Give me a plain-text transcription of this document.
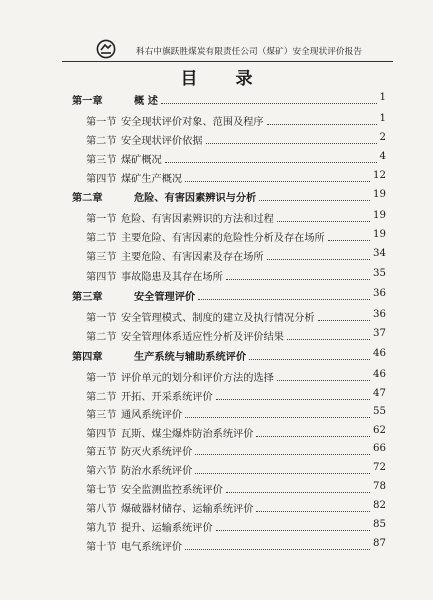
科右中旗跃胜煤炭有限责任公司（煤矿）安全现状评价报告
目 录
第一章	概 述	1
第一节 安全现状评价对象、范围及程序	1
第二节 安全现状评价依据	2
第三节 煤矿概况	4
第四节 煤矿生产概况	12
第二章	危险、有害因素辨识与分析	19
第一节 危险、有害因素辨识的方法和过程	19
第二节 主要危险、有害因素的危险性分析及存在场所	19
第三节 主要危险、有害因素及存在场所	34
第四节 事故隐患及其存在场所	35
第三章	安全管理评价	36
第一节 安全管理模式、制度的建立及执行情况分析	36
第二节 安全管理体系适应性分析及评价结果	37
第四章	生产系统与辅助系统评价	46
第一节 评价单元的划分和评价方法的选择	46
第二节 开拓、开采系统评价	47
第三节 通风系统评价	55
第四节 瓦斯、煤尘爆炸防治系统评价	62
第五节 防灭火系统评价	66
第六节 防治水系统评价	72
第七节 安全监测监控系统评价	78
第八节 爆破器材储存、运输系统评价	82
第九节 提升、运输系统评价	85
第十节 电气系统评价	87
